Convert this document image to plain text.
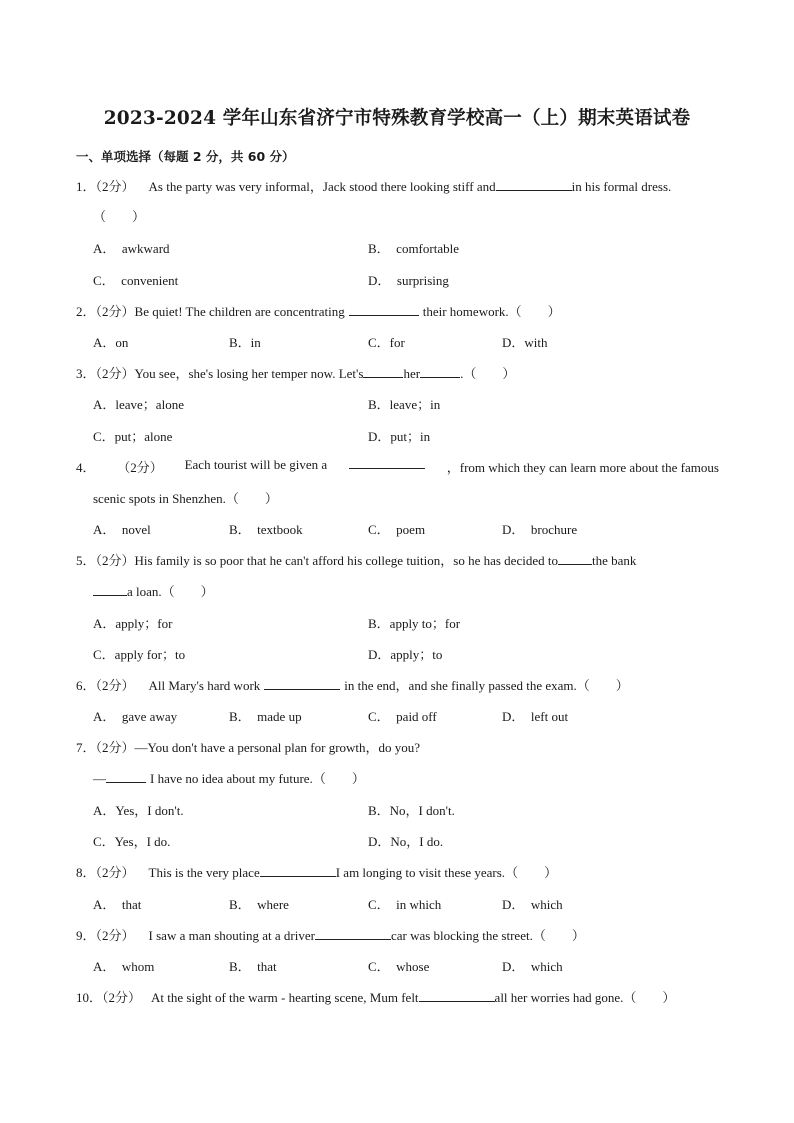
2023-2024 学年山东省济宁市特殊教育学校高一（上）期末英语试卷
一、单项选择（每题 2 分，共 60 分）
1．（2分） As the party was very informal，Jack stood there looking stiff and	in his formal dress.
（　　）
A．　awkward	B．　comfortable
C．　convenient	D．　surprising
2．（2分）Be quiet! The children are concentrating	their homework.（　　）
A．on	B．in	C．for	D．with
3．（2分）You see，she's losing her temper now. Let's	her	.（　　）
A．leave；alone	B．leave；in
C．put；alone	D．put；in
4． （2分） Each tourist will be given a	，from which they can learn more about the famous
scenic spots in Shenzhen.（　　）
A．　novel	B．　textbook	C．　poem	D．　brochure
5．（2分）His family is so poor that he can't afford his college tuition，so he has decided to	the bank
a loan.（　　）
A．apply；for	B．apply to；for
C．apply for；to	D．apply；to
6．（2分） All Mary's hard work	in the end，and she finally passed the exam.（　　）
A．　gave away	B．　made up	C．　paid off	D．　left out
7．（2分）—You don't have a personal plan for growth，do you?
—	I have no idea about my future.（　　）
A．Yes，I don't.	B．No，I don't.
C．Yes，I do.	D．No，I do.
8．（2分） This is the very place	I am longing to visit these years.（　　）
A．　that	B．　where	C．　in which	D．　which
9．（2分） I saw a man shouting at a driver	car was blocking the street.（　　）
A．　whom	B．　that	C．　whose	D．　which
10．（2分） At the sight of the warm - hearting scene, Mum felt	all her worries had gone.（　　）
